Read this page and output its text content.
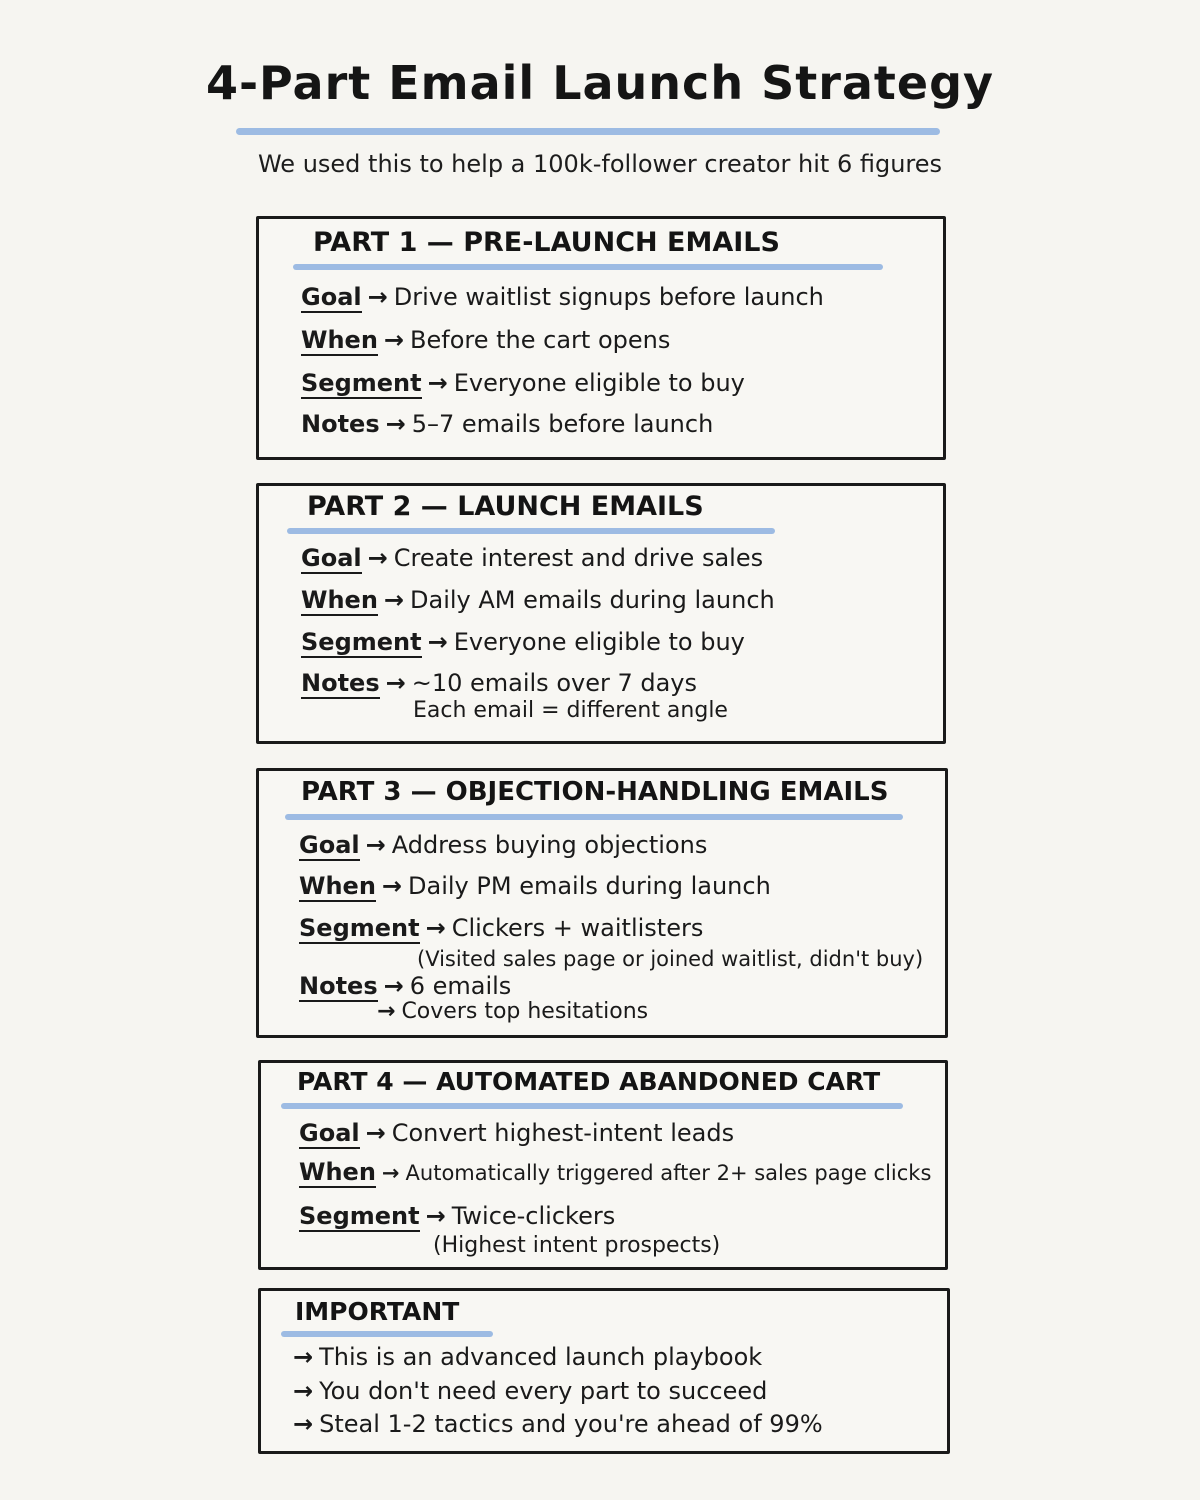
4-Part Email Launch Strategy
We used this to help a 100k-follower creator hit 6 figures
PART 1 — PRE-LAUNCH EMAILS
Goal → Drive waitlist signups before launch
When → Before the cart opens
Segment → Everyone eligible to buy
Notes → 5–7 emails before launch
PART 2 — LAUNCH EMAILS
Goal → Create interest and drive sales
When → Daily AM emails during launch
Segment → Everyone eligible to buy
Notes → ~10 emails over 7 days
Each email = different angle
PART 3 — OBJECTION-HANDLING EMAILS
Goal → Address buying objections
When → Daily PM emails during launch
Segment → Clickers + waitlisters
(Visited sales page or joined waitlist, didn't buy)
Notes → 6 emails
→ Covers top hesitations
PART 4 — AUTOMATED ABANDONED CART
Goal → Convert highest-intent leads
When → Automatically triggered after 2+ sales page clicks
Segment → Twice-clickers
(Highest intent prospects)
IMPORTANT
→ This is an advanced launch playbook
→ You don't need every part to succeed
→ Steal 1-2 tactics and you're ahead of 99%
